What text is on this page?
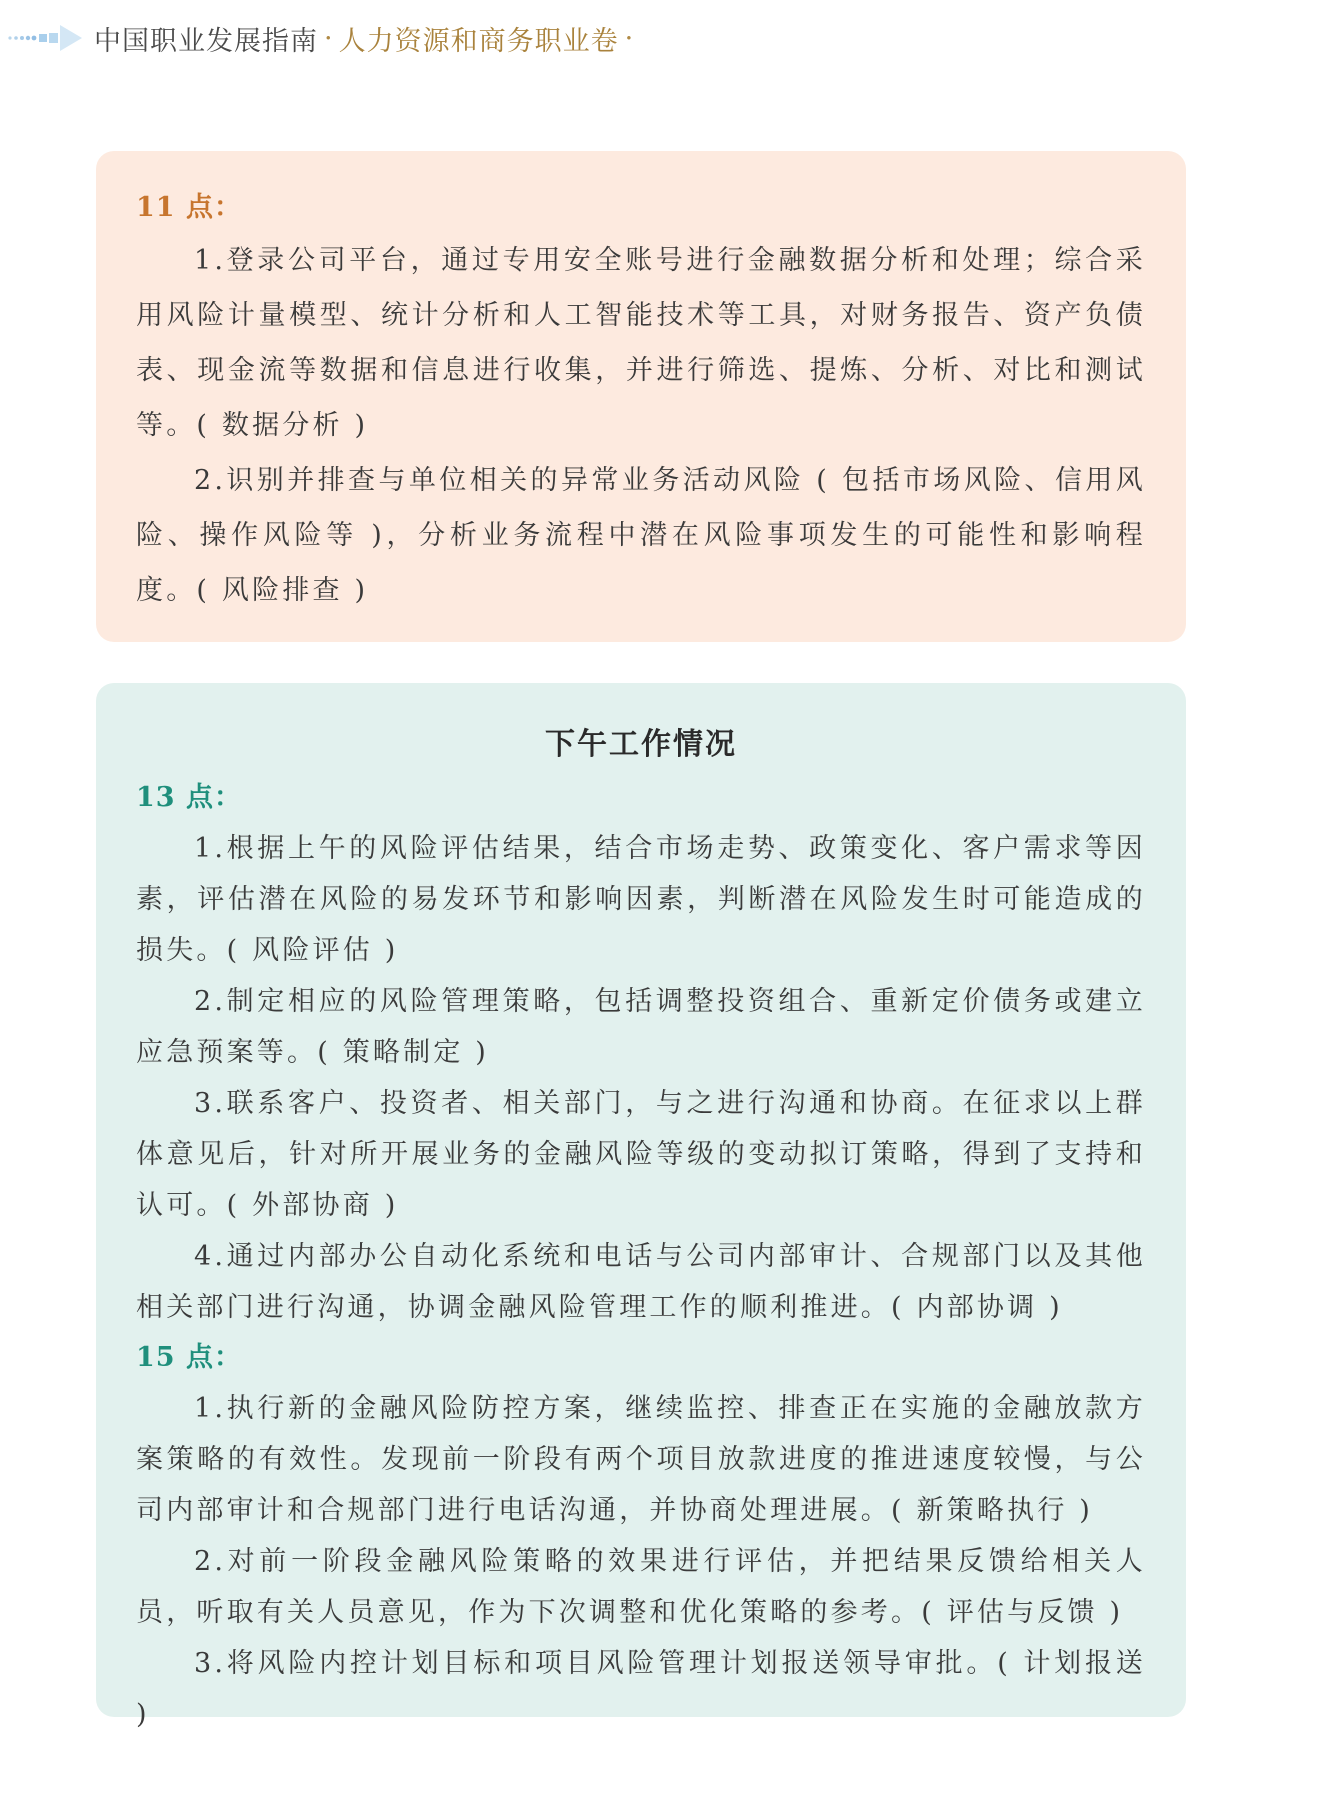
中国职业发展指南 · 人力资源和商务职业卷 ·
11 点：

1.登录公司平台，通过专用安全账号进行金融数据分析和处理；综合采用风险计量模型、统计分析和人工智能技术等工具，对财务报告、资产负债表、现金流等数据和信息进行收集，并进行筛选、提炼、分析、对比和测试等。( 数据分析 )

2.识别并排查与单位相关的异常业务活动风险 ( 包括市场风险、信用风险、操作风险等 )，分析业务流程中潜在风险事项发生的可能性和影响程度。( 风险排查 )

下午工作情况
13 点：

1.根据上午的风险评估结果，结合市场走势、政策变化、客户需求等因素，评估潜在风险的易发环节和影响因素，判断潜在风险发生时可能造成的损失。( 风险评估 )

2.制定相应的风险管理策略，包括调整投资组合、重新定价债务或建立应急预案等。( 策略制定 )

3.联系客户、投资者、相关部门，与之进行沟通和协商。在征求以上群体意见后，针对所开展业务的金融风险等级的变动拟订策略，得到了支持和认可。( 外部协商 )

4.通过内部办公自动化系统和电话与公司内部审计、合规部门以及其他相关部门进行沟通，协调金融风险管理工作的顺利推进。( 内部协调 )

15 点：

1.执行新的金融风险防控方案，继续监控、排查正在实施的金融放款方案策略的有效性。发现前一阶段有两个项目放款进度的推进速度较慢，与公司内部审计和合规部门进行电话沟通，并协商处理进展。( 新策略执行 )

2.对前一阶段金融风险策略的效果进行评估，并把结果反馈给相关人员，听取有关人员意见，作为下次调整和优化策略的参考。( 评估与反馈 )

3.将风险内控计划目标和项目风险管理计划报送领导审批。( 计划报送 )
